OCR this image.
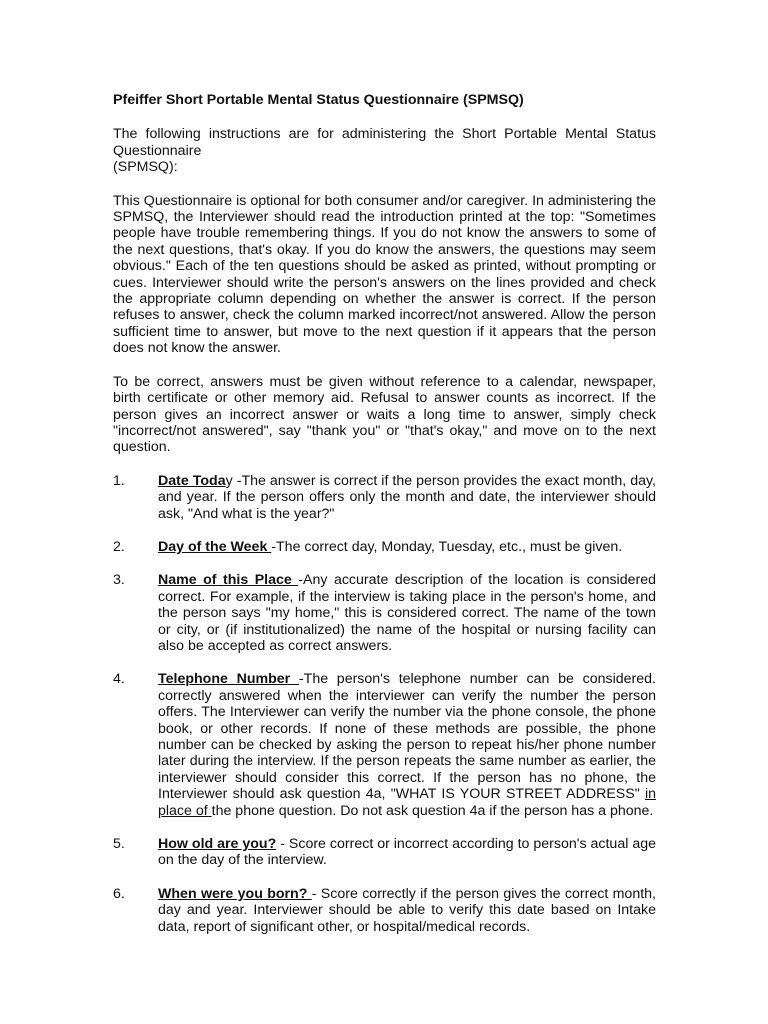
Pfeiffer Short Portable Mental Status Questionnaire (SPMSQ)
The following instructions are for administering the Short Portable Mental Status Questionnaire
(SPMSQ):
This Questionnaire is optional for both consumer and/or caregiver. In administering the SPMSQ, the Interviewer should read the introduction printed at the top: "Sometimes people have trouble remembering things. If you do not know the answers to some of the next questions, that's okay. If you do know the answers, the questions may seem obvious." Each of the ten questions should be asked as printed, without prompting or cues. Interviewer should write the person's answers on the lines provided and check the appropriate column depending on whether the answer is correct. If the person refuses to answer, check the column marked incorrect/not answered. Allow the person sufficient time to answer, but move to the next question if it appears that the person does not know the answer.
To be correct, answers must be given without reference to a calendar, newspaper, birth certificate or other memory aid. Refusal to answer counts as incorrect. If the person gives an incorrect answer or waits a long time to answer, simply check "incorrect/not answered", say "thank you" or "that's okay," and move on to the next question.
1. Date Today -The answer is correct if the person provides the exact month, day, and year. If the person offers only the month and date, the interviewer should ask, "And what is the year?"
2. Day of the Week -The correct day, Monday, Tuesday, etc., must be given.
3. Name of this Place -Any accurate description of the location is considered correct. For example, if the interview is taking place in the person's home, and the person says "my home," this is considered correct. The name of the town or city, or (if institutionalized) the name of the hospital or nursing facility can also be accepted as correct answers.
4. Telephone Number -The person's telephone number can be considered. correctly answered when the interviewer can verify the number the person offers. The Interviewer can verify the number via the phone console, the phone book, or other records. If none of these methods are possible, the phone number can be checked by asking the person to repeat his/her phone number later during the interview. If the person repeats the same number as earlier, the interviewer should consider this correct. If the person has no phone, the Interviewer should ask question 4a, "WHAT IS YOUR STREET ADDRESS" in place of the phone question. Do not ask question 4a if the person has a phone.
5. How old are you? - Score correct or incorrect according to person's actual age on the day of the interview.
6. When were you born? - Score correctly if the person gives the correct month, day and year. Interviewer should be able to verify this date based on Intake data, report of significant other, or hospital/medical records.
